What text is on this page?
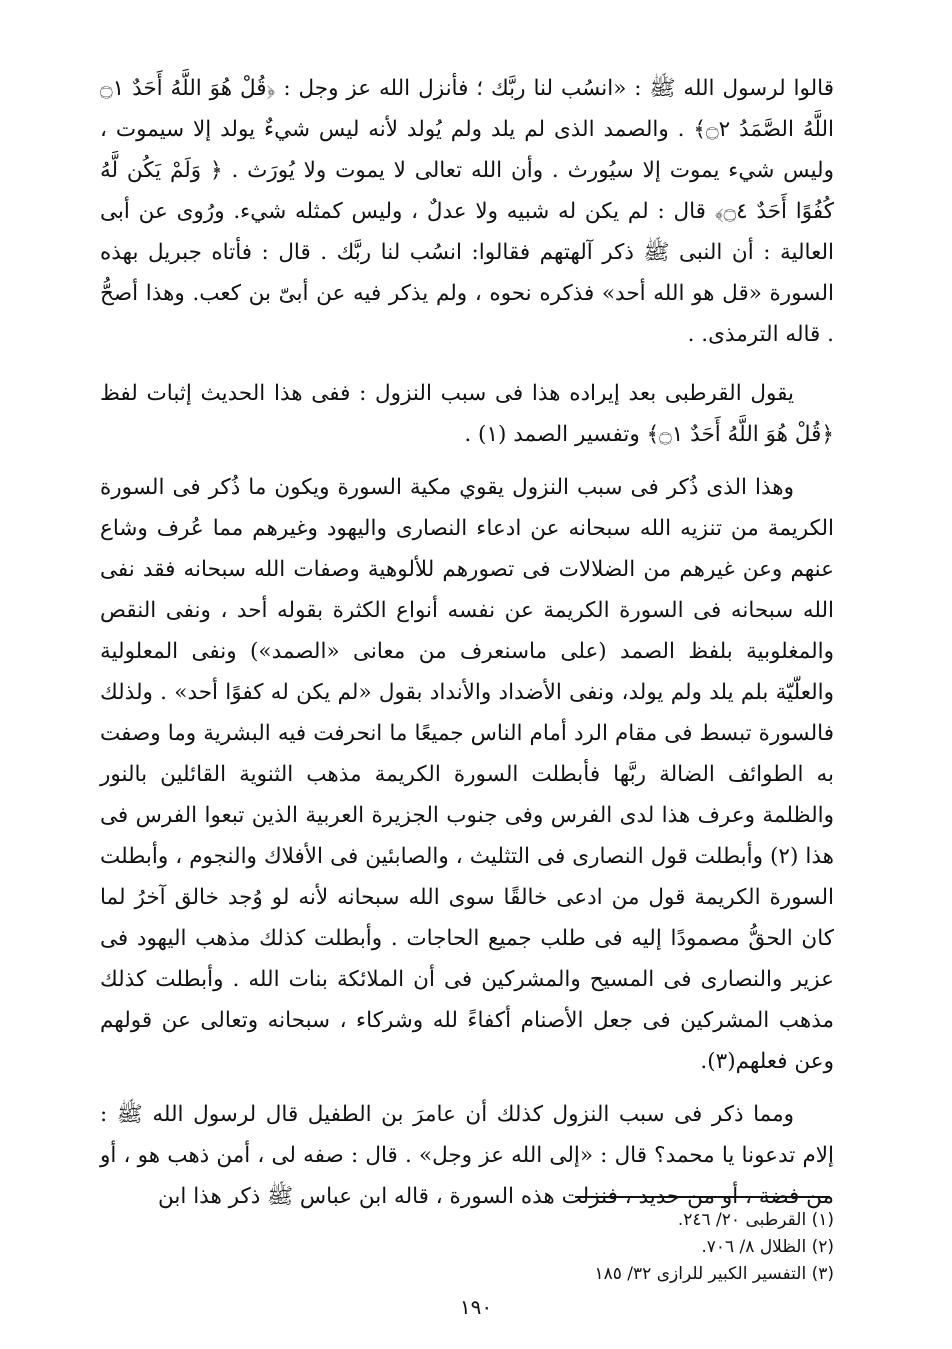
قالوا لرسول الله ﷺ : «انسُب لنا ربَّك ؛ فأنزل الله عز وجل : ﴿قُلْ هُوَ اللَّهُ أَحَدٌ ۝١ اللَّهُ الصَّمَدُ ۝٢﴾ . والصمد الذى لم يلد ولم يُولد لأنه ليس شيءٌ يولد إلا سيموت ، وليس شيء يموت إلا سيُورث . وأن الله تعالى لا يموت ولا يُورَث . ﴿ وَلَمْ يَكُن لَّهُ كُفُوًا أَحَدٌ ۝٤﴾ قال : لم يكن له شبيه ولا عدلٌ ، وليس كمثله شيء. ورُوى عن أبى العالية : أن النبى ﷺ ذكر آلهتهم فقالوا: انسُب لنا ربَّك . قال : فأتاه جبريل بهذه السورة «قل هو الله أحد» فذكره نحوه ، ولم يذكر فيه عن أبىّ بن كعب. وهذا أصحُّ . قاله الترمذى. .

يقول القرطبى بعد إيراده هذا فى سبب النزول : ففى هذا الحديث إثبات لفظ ﴿قُلْ هُوَ اللَّهُ أَحَدٌ ۝١﴾ وتفسير الصمد (١) .

وهذا الذى ذُكر فى سبب النزول يقوي مكية السورة ويكون ما ذُكر فى السورة الكريمة من تنزيه الله سبحانه عن ادعاء النصارى واليهود وغيرهم مما عُرف وشاع عنهم وعن غيرهم من الضلالات فى تصورهم للألوهية وصفات الله سبحانه فقد نفى الله سبحانه فى السورة الكريمة عن نفسه أنواع الكثرة بقوله أحد ، ونفى النقص والمغلوبية بلفظ الصمد (على ماسنعرف من معانى «الصمد») ونفى المعلولية والعلّيّة بلم يلد ولم يولد، ونفى الأضداد والأنداد بقول «لم يكن له كفوًا أحد» . ولذلك فالسورة تبسط فى مقام الرد أمام الناس جميعًا ما انحرفت فيه البشرية وما وصفت به الطوائف الضالة ربَّها فأبطلت السورة الكريمة مذهب الثنوية القائلين بالنور والظلمة وعرف هذا لدى الفرس وفى جنوب الجزيرة العربية الذين تبعوا الفرس فى هذا (٢) وأبطلت قول النصارى فى التثليث ، والصابئين فى الأفلاك والنجوم ، وأبطلت السورة الكريمة قول من ادعى خالقًا سوى الله سبحانه لأنه لو وُجد خالق آخرُ لما كان الحقُّ مصمودًا إليه فى طلب جميع الحاجات . وأبطلت كذلك مذهب اليهود فى عزير والنصارى فى المسيح والمشركين فى أن الملائكة بنات الله . وأبطلت كذلك مذهب المشركين فى جعل الأصنام أكفاءً لله وشركاء ، سبحانه وتعالى عن قولهم وعن فعلهم(٣).

ومما ذكر فى سبب النزول كذلك أن عامرَ بن الطفيل قال لرسول الله ﷺ : إلام تدعونا يا محمد؟ قال : «إلى الله عز وجل» . قال : صفه لى ، أمن ذهب هو ، أو من فضة ، أو من حديد ، فنزلت هذه السورة ، قاله ابن عباس ﷺ ذكر هذا ابن

(١) القرطبى ٢٠/ ٢٤٦.
(٢) الظلال ٨/ ٧٠٦.
(٣) التفسير الكبير للرازى ٣٢/ ١٨٥
١٩٠
